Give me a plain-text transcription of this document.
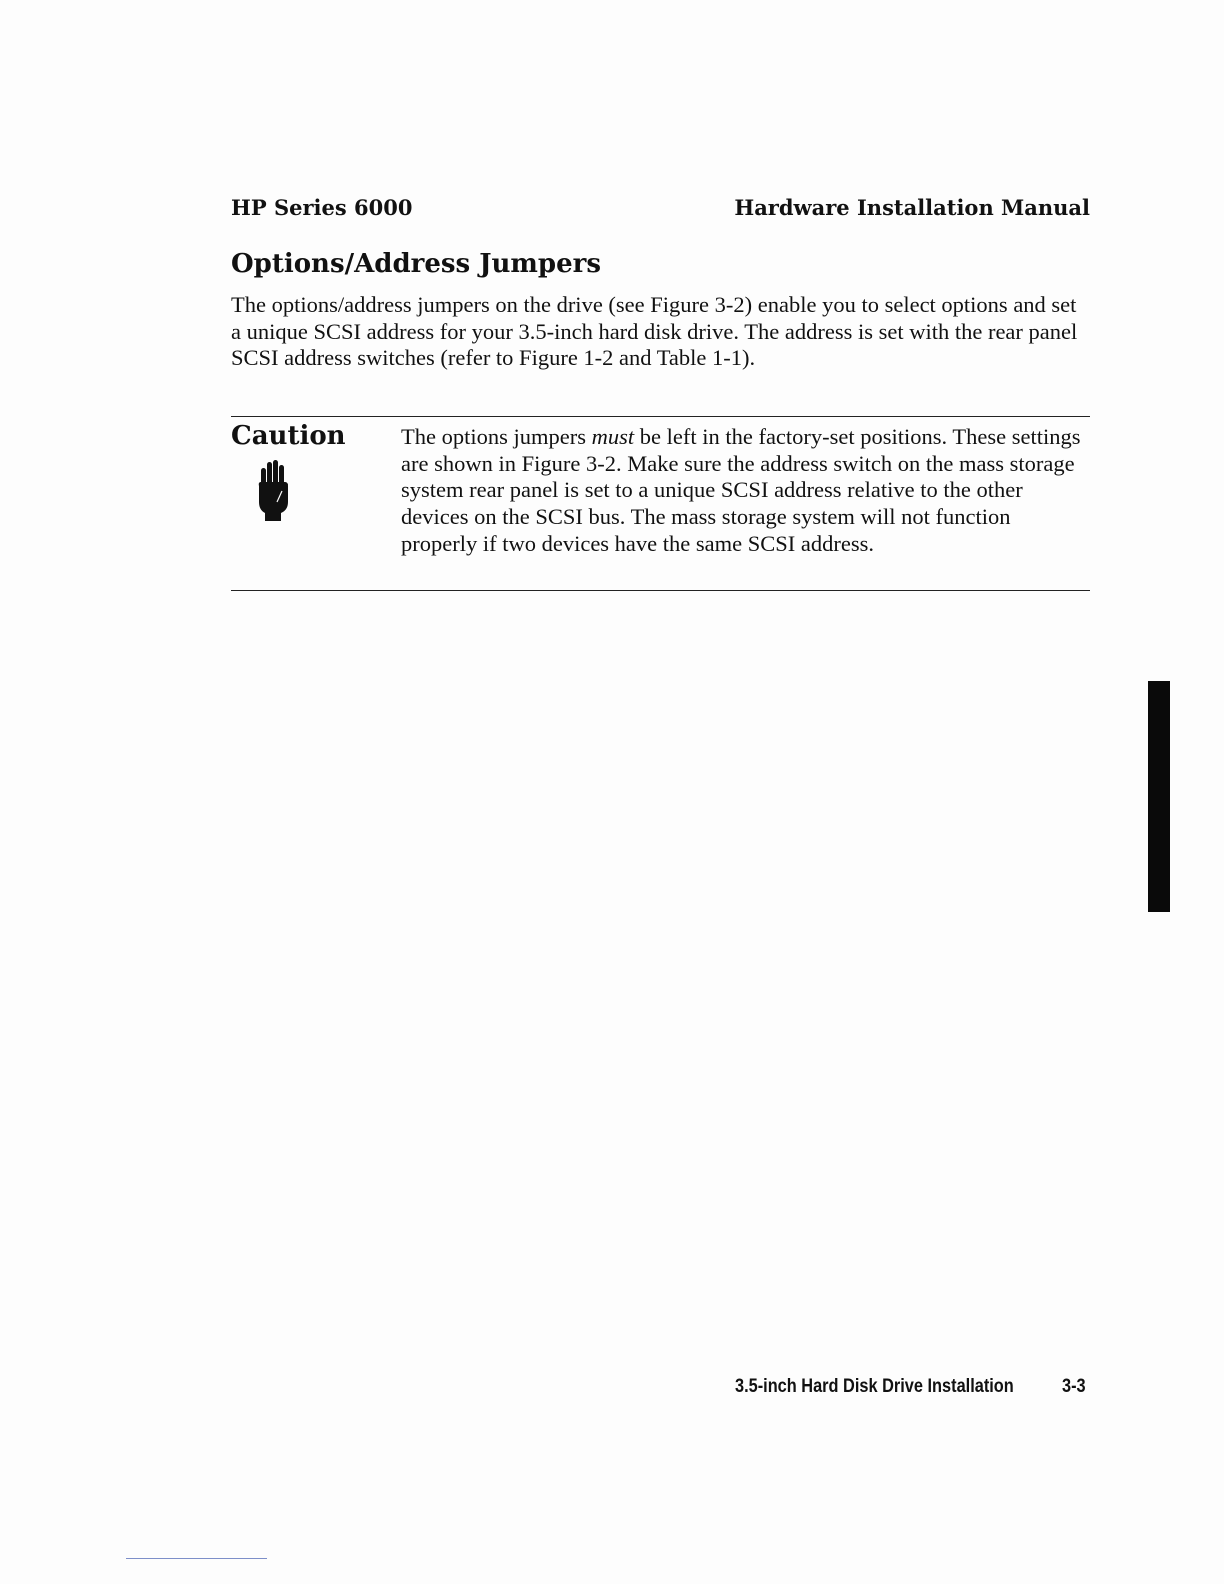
HP Series 6000	Hardware Installation Manual
Options/Address Jumpers

The options/address jumpers on the drive (see Figure 3-2) enable you to select options and set a unique SCSI address for your 3.5-inch hard disk drive. The address is set with the rear panel SCSI address switches (refer to Figure 1-2 and Table 1-1).

Caution The options jumpers must be left in the factory-set positions. These settings are shown in Figure 3-2. Make sure the address switch on the mass storage system rear panel is set to a unique SCSI address relative to the other devices on the SCSI bus. The mass storage system will not function properly if two devices have the same SCSI address.

3.5-inch Hard Disk Drive Installation	3-3
